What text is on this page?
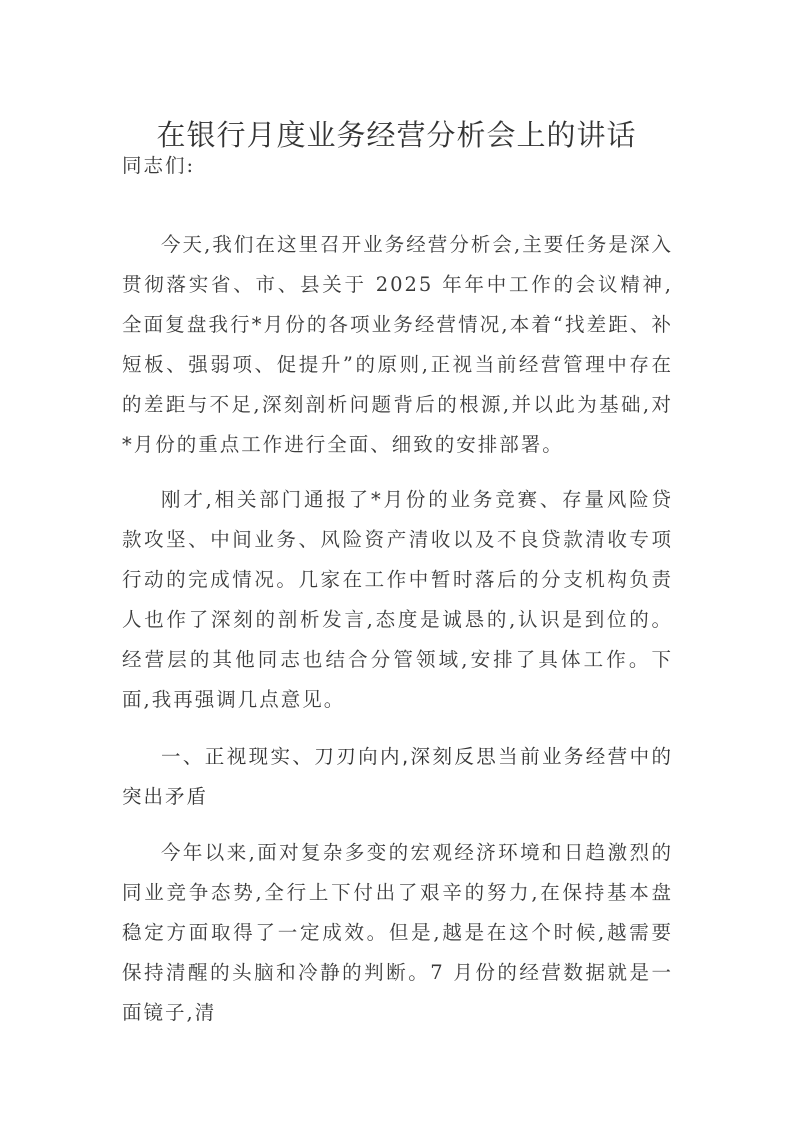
在银行月度业务经营分析会上的讲话
同志们:
今天,我们在这里召开业务经营分析会,主要任务是深入贯彻落实省、市、县关于 2025 年年中工作的会议精神,全面复盘我行*月份的各项业务经营情况,本着“找差距、补短板、强弱项、促提升”的原则,正视当前经营管理中存在的差距与不足,深刻剖析问题背后的根源,并以此为基础,对*月份的重点工作进行全面、细致的安排部署。
刚才,相关部门通报了*月份的业务竞赛、存量风险贷款攻坚、中间业务、风险资产清收以及不良贷款清收专项行动的完成情况。几家在工作中暂时落后的分支机构负责人也作了深刻的剖析发言,态度是诚恳的,认识是到位的。经营层的其他同志也结合分管领域,安排了具体工作。下面,我再强调几点意见。
一、正视现实、刀刃向内,深刻反思当前业务经营中的突出矛盾
今年以来,面对复杂多变的宏观经济环境和日趋激烈的同业竞争态势,全行上下付出了艰辛的努力,在保持基本盘稳定方面取得了一定成效。但是,越是在这个时候,越需要保持清醒的头脑和冷静的判断。7 月份的经营数据就是一面镜子,清
